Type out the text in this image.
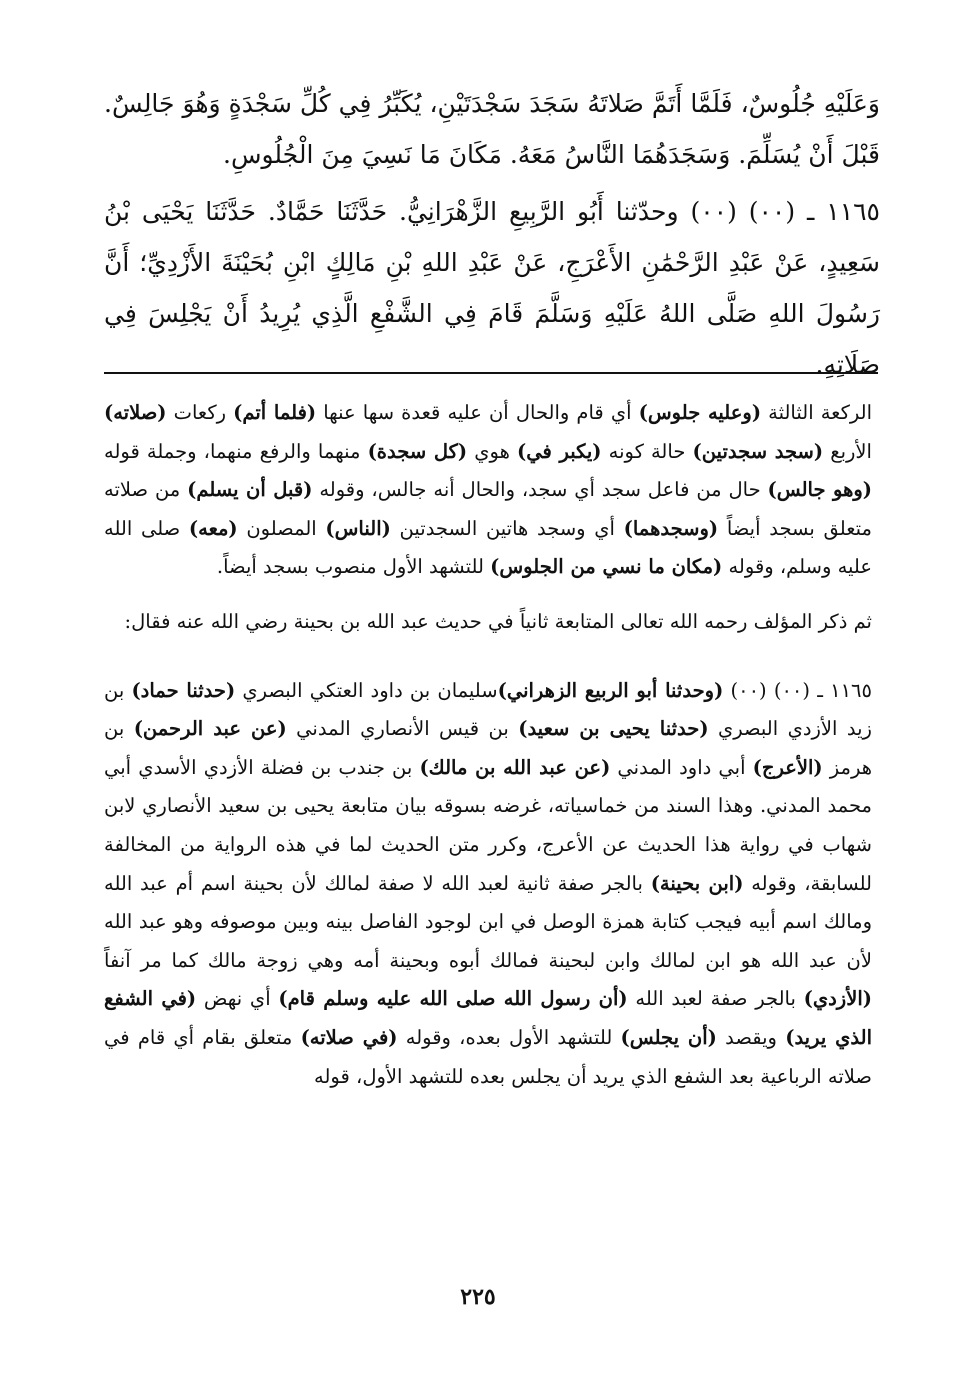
وَعَلَيْهِ جُلُوسٌ، فَلَمَّا أَتَمَّ صَلاتَهُ سَجَدَ سَجْدَتَيْنِ، يُكَبِّرُ فِي كُلِّ سَجْدَةٍ وَهُوَ جَالِسٌ. قَبْلَ أَنْ يُسَلِّمَ. وَسَجَدَهُمَا النَّاسُ مَعَهُ. مَكَانَ مَا نَسِيَ مِنَ الْجُلُوسِ.

١١٦٥ ـ (٠٠) (٠٠) وحدّثنا أَبُو الرَّبِيعِ الزَّهْرَانِيُّ. حَدَّثَنَا حَمَّادٌ. حَدَّثَنَا يَحْيَى بْنُ سَعِيدٍ، عَنْ عَبْدِ الرَّحْمَٰنِ الأَعْرَجِ، عَنْ عَبْدِ اللهِ بْنِ مَالِكٍ ابْنِ بُحَيْنَةَ الأَزْدِيِّ؛ أَنَّ رَسُولَ اللهِ صَلَّى اللهُ عَلَيْهِ وَسَلَّمَ قَامَ فِي الشَّفْعِ الَّذِي يُرِيدُ أَنْ يَجْلِسَ فِي صَلَاتِهِ.

الركعة الثالثة (وعليه جلوس) أي قام والحال أن عليه قعدة سها عنها (فلما أتم) ركعات (صلاته) الأربع (سجد سجدتين) حالة كونه (يكبر في) هوي (كل سجدة) منهما والرفع منهما، وجملة قوله (وهو جالس) حال من فاعل سجد أي سجد، والحال أنه جالس، وقوله (قبل أن يسلم) من صلاته متعلق بسجد أيضاً (وسجدهما) أي وسجد هاتين السجدتين (الناس) المصلون (معه) صلى الله عليه وسلم، وقوله (مكان ما نسي من الجلوس) للتشهد الأول منصوب بسجد أيضاً.

ثم ذكر المؤلف رحمه الله تعالى المتابعة ثانياً في حديث عبد الله بن بحينة رضي الله عنه فقال:

١١٦٥ ـ (٠٠) (٠٠) (وحدثنا أبو الربيع الزهراني)سليمان بن داود العتكي البصري (حدثنا حماد) بن زيد الأزدي البصري (حدثنا يحيى بن سعيد) بن قيس الأنصاري المدني (عن عبد الرحمن) بن هرمز (الأعرج) أبي داود المدني (عن عبد الله بن مالك) بن جندب بن فضلة الأزدي الأسدي أبي محمد المدني. وهذا السند من خماسياته، غرضه بسوقه بيان متابعة يحيى بن سعيد الأنصاري لابن شهاب في رواية هذا الحديث عن الأعرج، وكرر متن الحديث لما في هذه الرواية من المخالفة للسابقة، وقوله (ابن بحينة) بالجر صفة ثانية لعبد الله لا صفة لمالك لأن بحينة اسم أم عبد الله ومالك اسم أبيه فيجب كتابة همزة الوصل في ابن لوجود الفاصل بينه وبين موصوفه وهو عبد الله لأن عبد الله هو ابن لمالك وابن لبحينة فمالك أبوه وبحينة أمه وهي زوجة مالك كما مر آنفاً (الأزدي) بالجر صفة لعبد الله (أن رسول الله صلى الله عليه وسلم قام) أي نهض (في الشفع الذي يريد) ويقصد (أن يجلس) للتشهد الأول بعده، وقوله (في صلاته) متعلق بقام أي قام في صلاته الرباعية بعد الشفع الذي يريد أن يجلس بعده للتشهد الأول، قوله

٢٢٥
